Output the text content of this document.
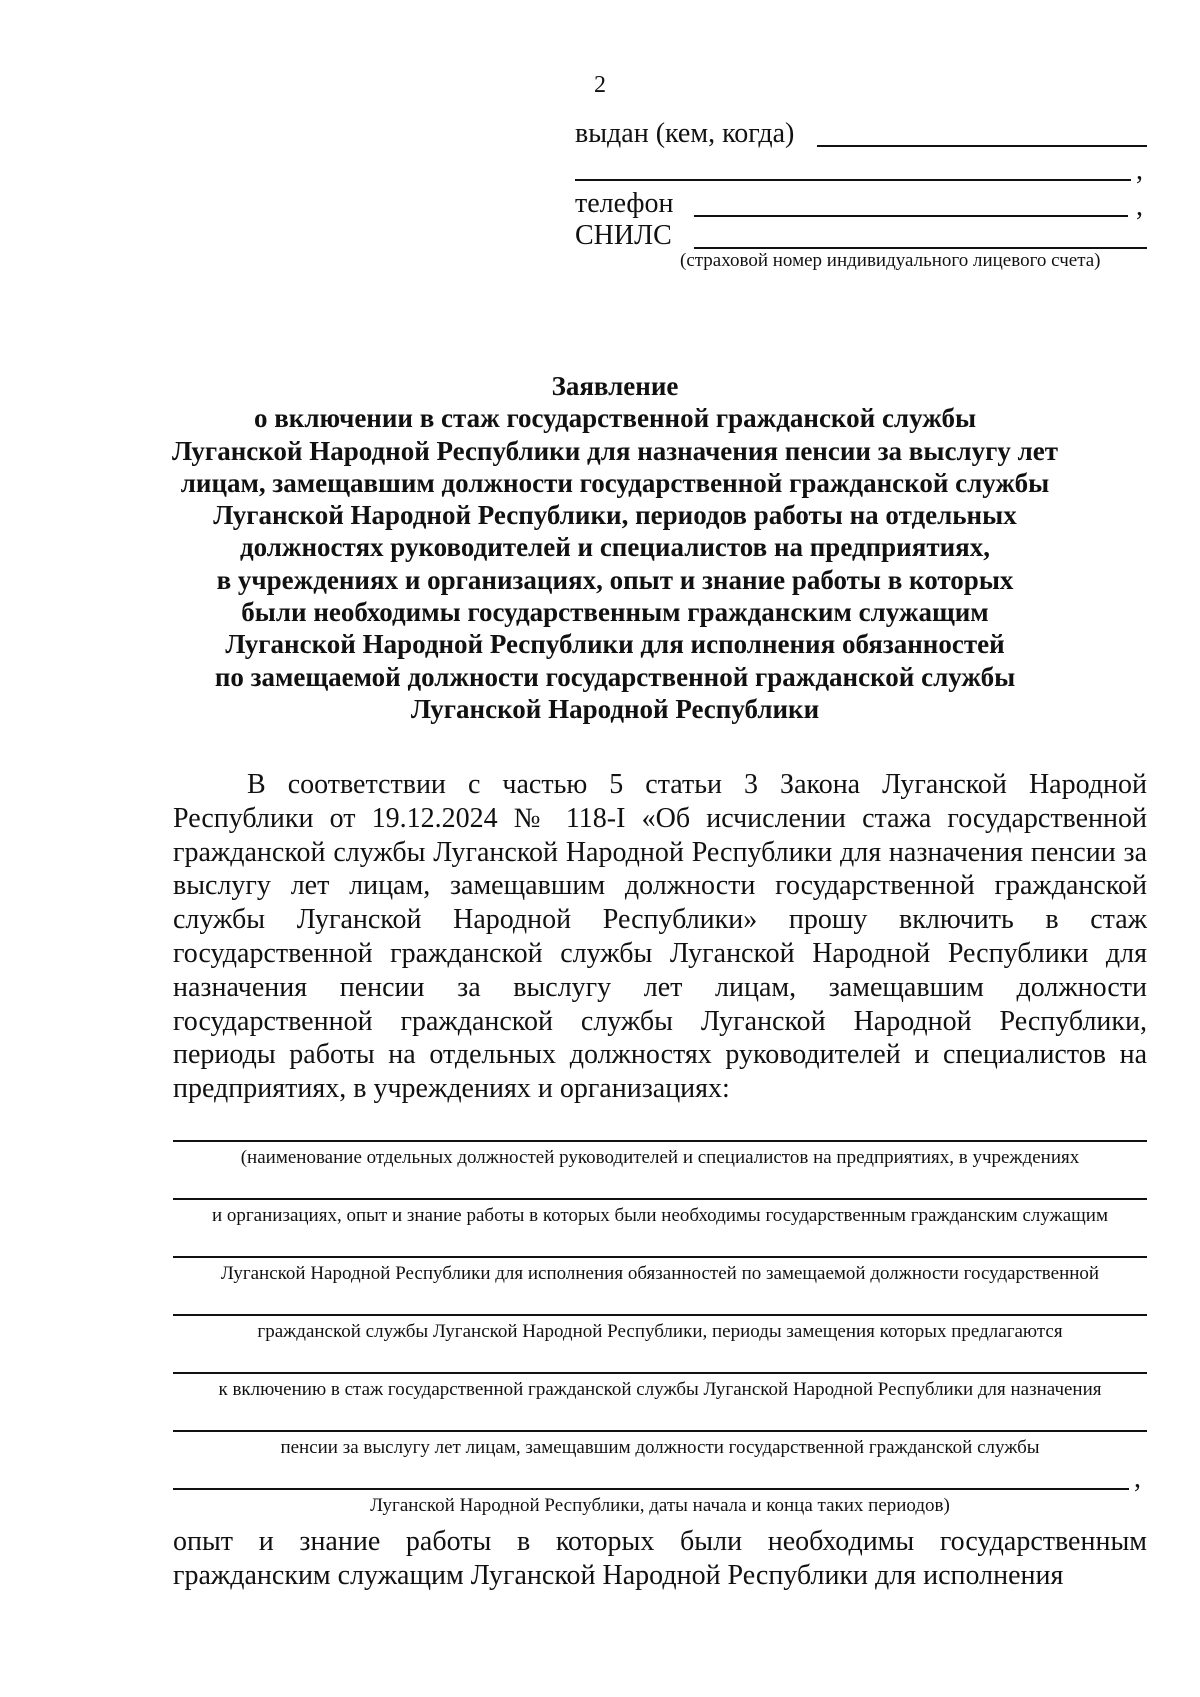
2
выдан (кем, когда)
,
телефон	,
СНИЛС
(страховой номер индивидуального лицевого счета)
Заявление
о включении в стаж государственной гражданской службы
Луганской Народной Республики для назначения пенсии за выслугу лет
лицам, замещавшим должности государственной гражданской службы
Луганской Народной Республики, периодов работы на отдельных
должностях руководителей и специалистов на предприятиях,
в учреждениях и организациях, опыт и знание работы в которых
были необходимы государственным гражданским служащим
Луганской Народной Республики для исполнения обязанностей
по замещаемой должности государственной гражданской службы
Луганской Народной Республики
В соответствии с частью 5 статьи 3 Закона Луганской Народной Республики от 19.12.2024 № 118-I «Об исчислении стажа государственной гражданской службы Луганской Народной Республики для назначения пенсии за выслугу лет лицам, замещавшим должности государственной гражданской службы Луганской Народной Республики» прошу включить в стаж государственной гражданской службы Луганской Народной Республики для назначения пенсии за выслугу лет лицам, замещавшим должности государственной гражданской службы Луганской Народной Республики, периоды работы на отдельных должностях руководителей и специалистов на предприятиях, в учреждениях и организациях:
(наименование отдельных должностей руководителей и специалистов на предприятиях, в учреждениях
и организациях, опыт и знание работы в которых были необходимы государственным гражданским служащим
Луганской Народной Республики для исполнения обязанностей по замещаемой должности государственной
гражданской службы Луганской Народной Республики, периоды замещения которых предлагаются
к включению в стаж государственной гражданской службы Луганской Народной Республики для назначения
пенсии за выслугу лет лицам, замещавшим должности государственной гражданской службы
,
Луганской Народной Республики, даты начала и конца таких периодов)
опыт и знание работы в которых были необходимы государственным гражданским служащим Луганской Народной Республики для исполнения
